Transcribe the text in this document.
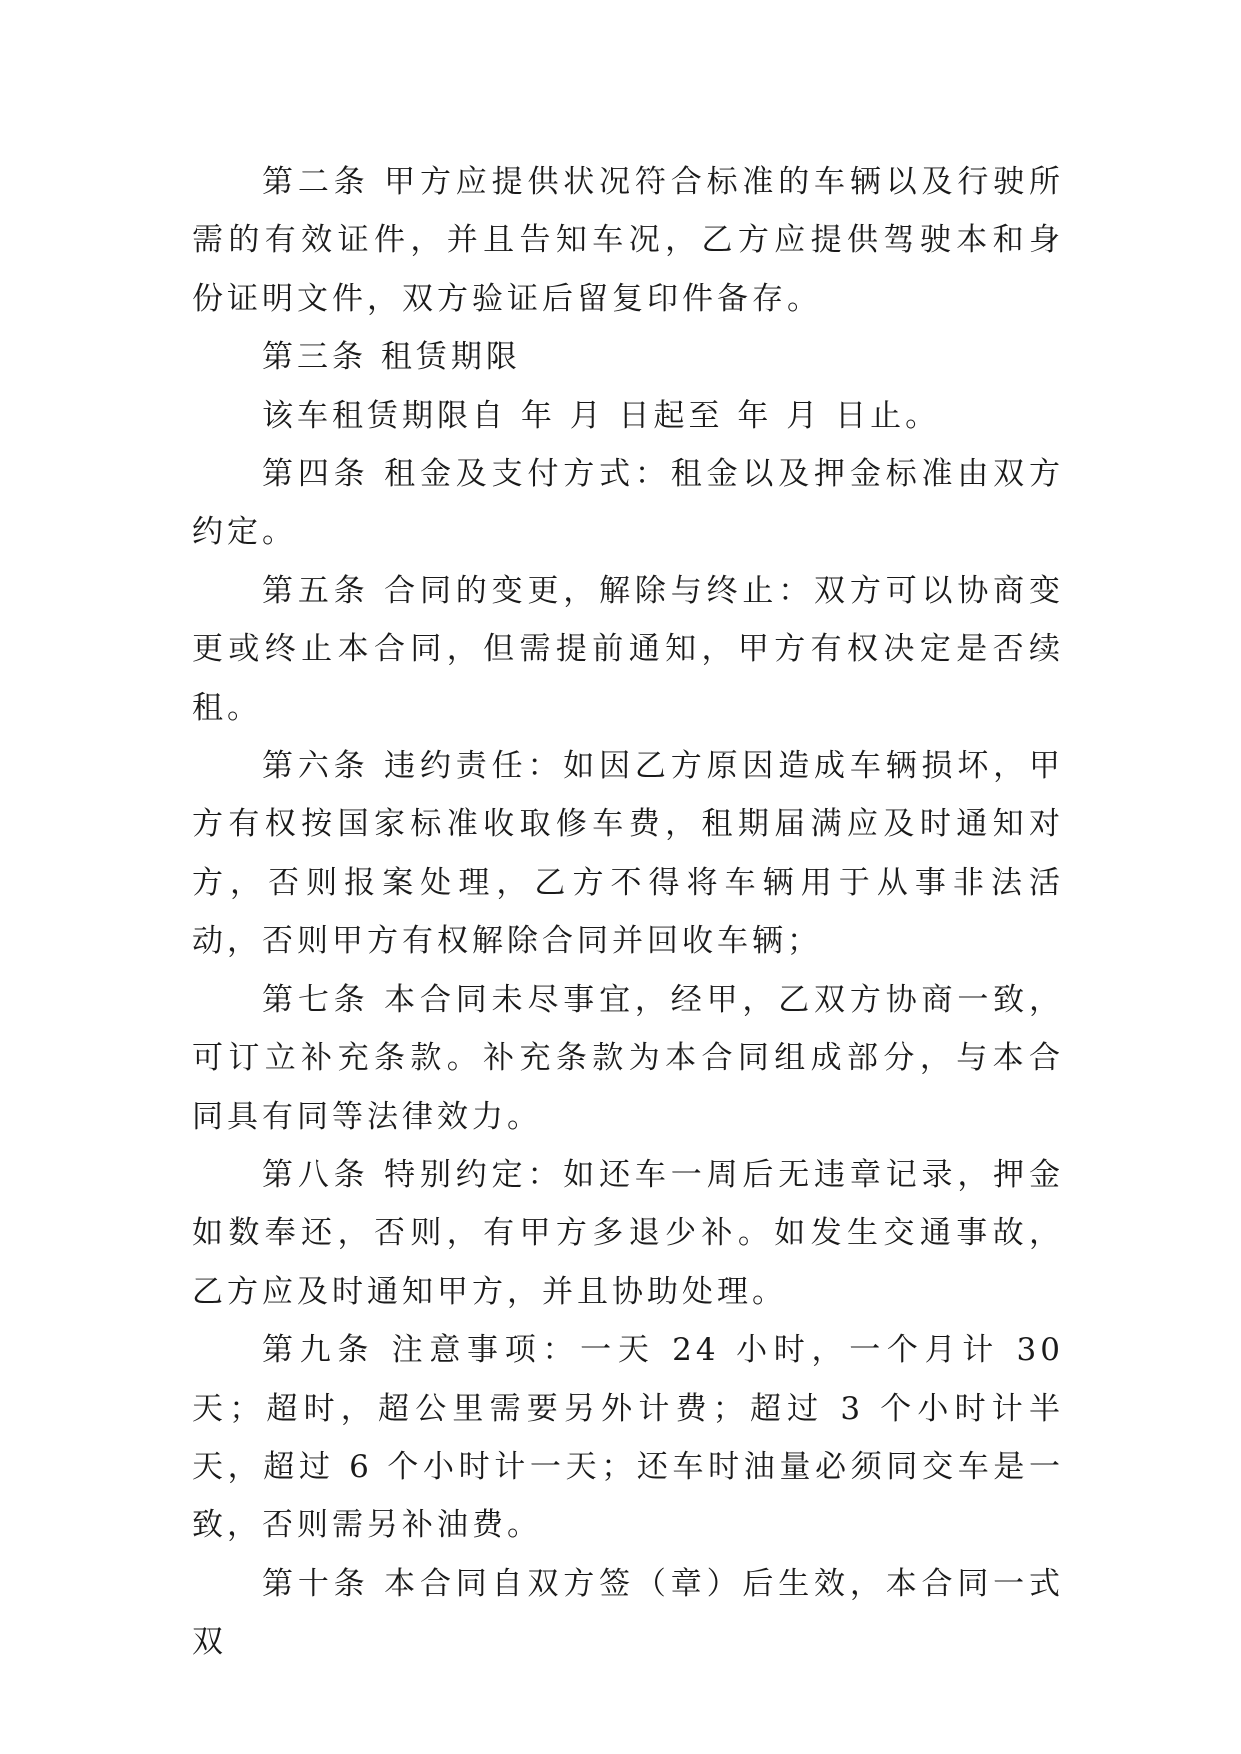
第二条 甲方应提供状况符合标准的车辆以及行驶所需的有效证件，并且告知车况，乙方应提供驾驶本和身份证明文件，双方验证后留复印件备存。

第三条 租赁期限

该车租赁期限自 年 月 日起至 年 月 日止。

第四条 租金及支付方式：租金以及押金标准由双方约定。

第五条 合同的变更，解除与终止：双方可以协商变更或终止本合同，但需提前通知，甲方有权决定是否续租。

第六条 违约责任：如因乙方原因造成车辆损坏，甲方有权按国家标准收取修车费，租期届满应及时通知对方，否则报案处理，乙方不得将车辆用于从事非法活动，否则甲方有权解除合同并回收车辆；

第七条 本合同未尽事宜，经甲，乙双方协商一致，可订立补充条款。补充条款为本合同组成部分，与本合同具有同等法律效力。

第八条 特别约定：如还车一周后无违章记录，押金如数奉还，否则，有甲方多退少补。如发生交通事故，乙方应及时通知甲方，并且协助处理。

第九条 注意事项：一天 24 小时，一个月计 30 天；超时，超公里需要另外计费；超过 3 个小时计半天，超过 6 个小时计一天；还车时油量必须同交车是一致，否则需另补油费。

第十条 本合同自双方签（章）后生效，本合同一式双
